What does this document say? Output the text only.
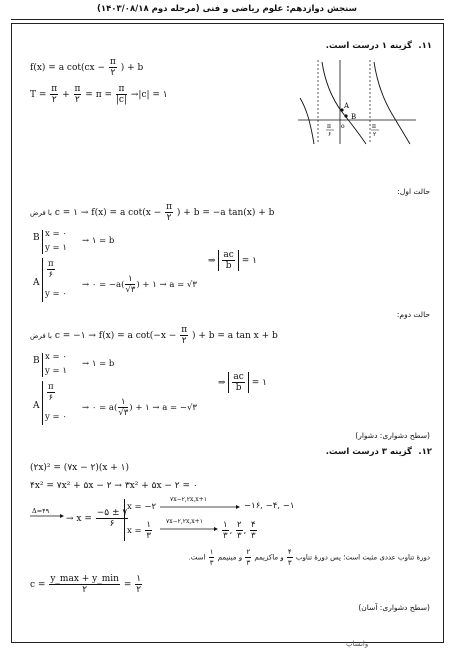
سنجش دوازدهم: علوم ریاضی و فنی (مرحله دوم ۱۴۰۳/۰۸/۱۸)
۱۱.
گزینه ۱ درست است.
f(x) = a $\cot(cx - \frac{\pi}{۲}$ ) + b
$T = \frac{\pi}{۲} + \frac{\pi}{۲} = \pi = \frac{\pi}{|c|} \to|c|$ = ۱
A
B
π
۶
o	π
۲
حالت اول:
با فرض c = ۱ → f(x) = a $\cot(x - \frac{\pi}{۲}$ ) + b = −a tan(x) + b
B x = ۰
y = ۱
→ ۱ = b
A
$\frac{\pi}{۶}$
y = ۰
→ ۰ = $-a( \frac{۱}{√۳}$ ) + ۱ → a = √۳
⇒ $\frac{ac}{b}$ = ۱
حالت دوم:
با فرض c = −۱ → f(x) = a $\cot(-x - \frac{\pi}{۲}$ ) + b = a tan x + b
B x = ۰
y = ۱
→ ۱ = b
A
$\frac{\pi}{۶}$
y = ۰
→ ۰ = $a( \frac{۱}{√۳}$ ) + ۱ → a = −√۳
⇒ $\frac{ac}{b}$ = ۱
(سطح دشواری: دشوار)
۱۲.
گزینه ۳ درست است.
(۲x)² = (۷x − ۲)(x + ۱)
۴x² = ۷x² + ۵x − ۲ → ۳x² + ۵x − ۲ = ۰
Δ=۴۹
→ $x = \frac{-۵ \pm ۷}{۶}$
x = −۲
۷x−۲,۲x,x+۱
−۱۶, −۴, −۱
$x = \frac{۱}{۳}$ ۷x−۲,۲x,x+۱ $\frac{۱}{۳}$ , $\frac{۲}{۳}$ , $\frac{۴}{۳}$
دورهٔ تناوب عددی مثبت است؛ پس دورهٔ تناوب
$\frac{۴}{۳}$
و ماکزیمم
$\frac{۲}{۳}$
و مینیمم
$\frac{۱}{۳}$
است.
$c = \frac{y\_\max + y\_\min}{۲} = \frac{۱}{۲}$
(سطح دشواری: آسان)
واتساپ
